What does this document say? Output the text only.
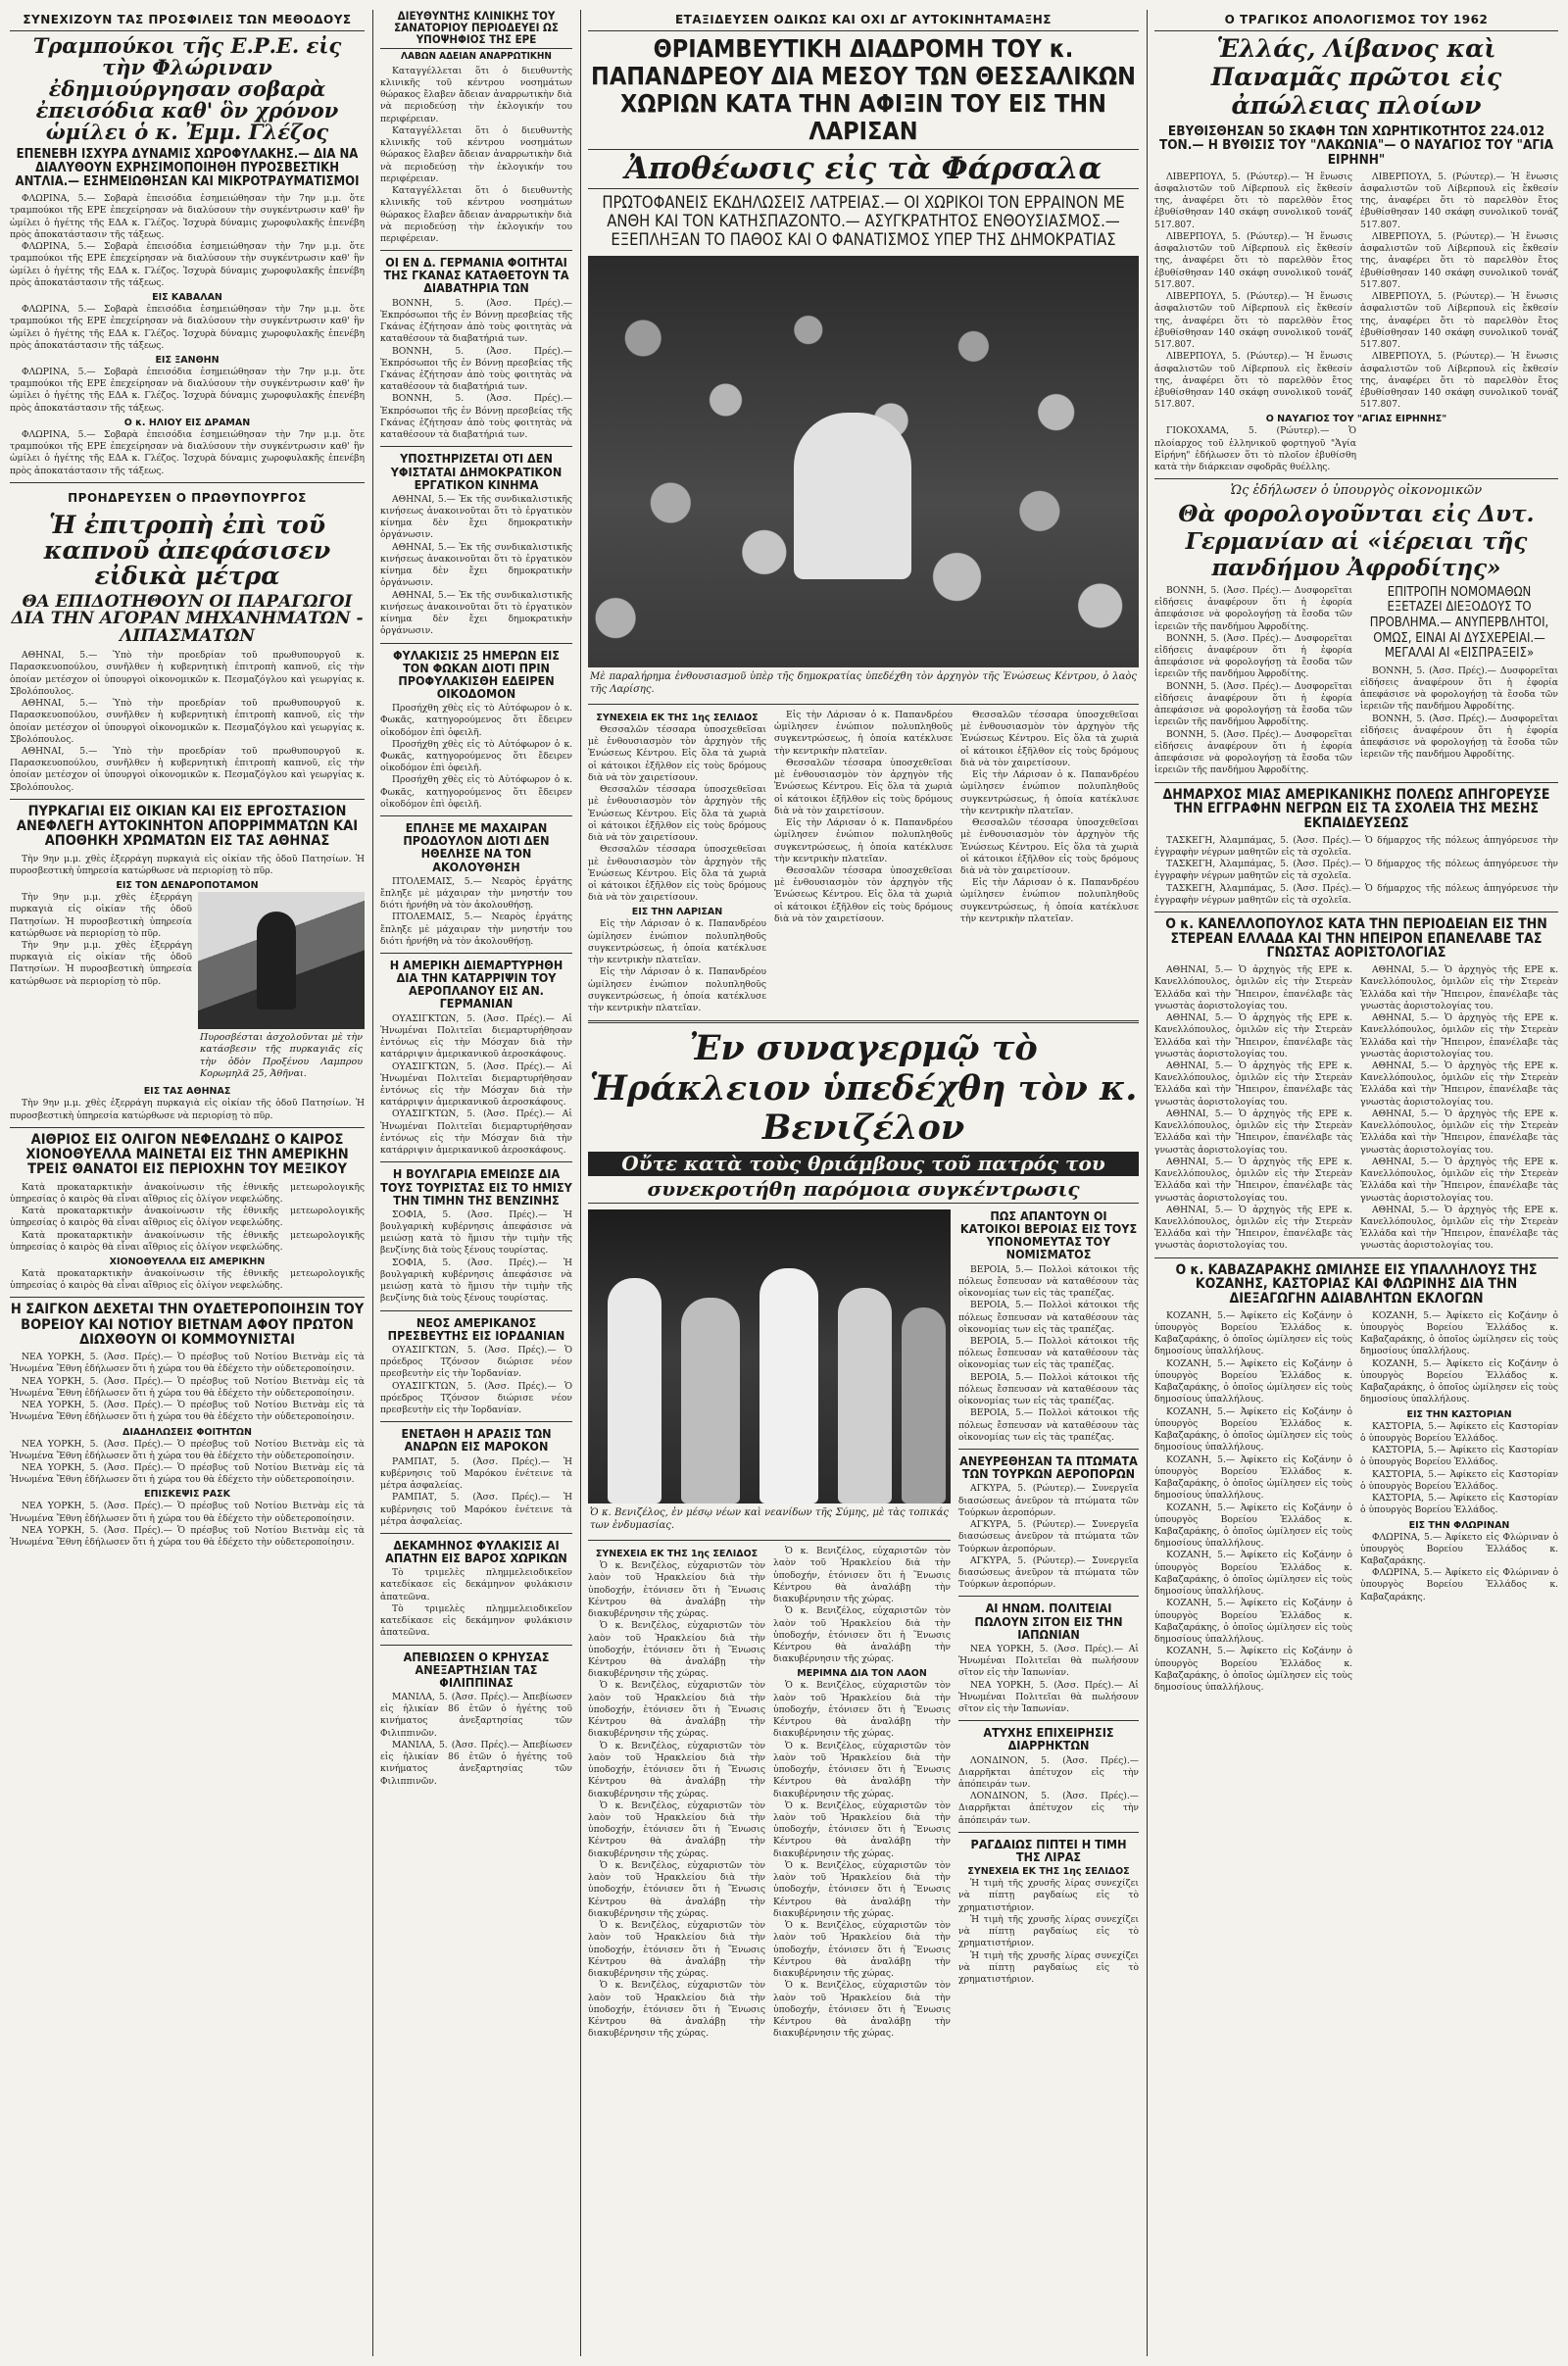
ΣΥΝΕΧΙΖΟΥΝ ΤΑΣ ΠΡΟΣΦΙΛΕΙΣ ΤΩΝ ΜΕΘΟΔΟΥΣ
Τραμπούκοι τῆς Ε.Ρ.Ε. εἰς τὴν Φλώριναν ἐδημιούργησαν σοβαρὰ ἐπεισόδια καθ' ὃν χρόνον ὡμίλει ὁ κ. Ἐμμ. Γλέζος
ΕΠΕΝΕΒΗ ΙΣΧΥΡΑ ΔΥΝΑΜΙΣ ΧΩΡΟΦΥΛΑΚΗΣ.— ΔΙΑ ΝΑ ΔΙΑΛΥΘΟΥΝ ΕΧΡΗΣΙΜΟΠΟΙΗΘΗ ΠΥΡΟΣΒΕΣΤΙΚΗ ΑΝΤΛΙΑ.— ΕΣΗΜΕΙΩΘΗΣΑΝ ΚΑΙ ΜΙΚΡΟΤΡΑΥΜΑΤΙΣΜΟΙ

ΦΛΩΡΙΝΑ, 5.— Σοβαρὰ ἐπεισόδια ἐσημειώθησαν τὴν 7ην μ.μ. ὅτε τραμπούκοι τῆς ΕΡΕ ἐπεχείρησαν νὰ διαλύσουν τὴν συγκέντρωσιν καθ' ἣν ὡμίλει ὁ ἡγέτης τῆς ΕΔΑ κ. Γλέζος. Ἰσχυρὰ δύναμις χωροφυλακῆς ἐπενέβη πρὸς ἀποκατάστασιν τῆς τάξεως.

ΦΛΩΡΙΝΑ, 5.— Σοβαρὰ ἐπεισόδια ἐσημειώθησαν τὴν 7ην μ.μ. ὅτε τραμπούκοι τῆς ΕΡΕ ἐπεχείρησαν νὰ διαλύσουν τὴν συγκέντρωσιν καθ' ἣν ὡμίλει ὁ ἡγέτης τῆς ΕΔΑ κ. Γλέζος. Ἰσχυρὰ δύναμις χωροφυλακῆς ἐπενέβη πρὸς ἀποκατάστασιν τῆς τάξεως.

ΕΙΣ ΚΑΒΑΛΑΝ

ΦΛΩΡΙΝΑ, 5.— Σοβαρὰ ἐπεισόδια ἐσημειώθησαν τὴν 7ην μ.μ. ὅτε τραμπούκοι τῆς ΕΡΕ ἐπεχείρησαν νὰ διαλύσουν τὴν συγκέντρωσιν καθ' ἣν ὡμίλει ὁ ἡγέτης τῆς ΕΔΑ κ. Γλέζος. Ἰσχυρὰ δύναμις χωροφυλακῆς ἐπενέβη πρὸς ἀποκατάστασιν τῆς τάξεως.

ΕΙΣ ΞΑΝΘΗΝ

ΦΛΩΡΙΝΑ, 5.— Σοβαρὰ ἐπεισόδια ἐσημειώθησαν τὴν 7ην μ.μ. ὅτε τραμπούκοι τῆς ΕΡΕ ἐπεχείρησαν νὰ διαλύσουν τὴν συγκέντρωσιν καθ' ἣν ὡμίλει ὁ ἡγέτης τῆς ΕΔΑ κ. Γλέζος. Ἰσχυρὰ δύναμις χωροφυλακῆς ἐπενέβη πρὸς ἀποκατάστασιν τῆς τάξεως.

Ο κ. ΗΛΙΟΥ ΕΙΣ ΔΡΑΜΑΝ

ΦΛΩΡΙΝΑ, 5.— Σοβαρὰ ἐπεισόδια ἐσημειώθησαν τὴν 7ην μ.μ. ὅτε τραμπούκοι τῆς ΕΡΕ ἐπεχείρησαν νὰ διαλύσουν τὴν συγκέντρωσιν καθ' ἣν ὡμίλει ὁ ἡγέτης τῆς ΕΔΑ κ. Γλέζος. Ἰσχυρὰ δύναμις χωροφυλακῆς ἐπενέβη πρὸς ἀποκατάστασιν τῆς τάξεως.

ΠΡΟΗΔΡΕΥΣΕΝ Ο ΠΡΩΘΥΠΟΥΡΓΟΣ
Ἡ ἐπιτροπὴ ἐπὶ τοῦ καπνοῦ ἀπεφάσισεν εἰδικὰ μέτρα
ΘΑ ΕΠΙΔΟΤΗΘΟΥΝ ΟΙ ΠΑΡΑΓΩΓΟΙ ΔΙΑ ΤΗΝ ΑΓΟΡΑΝ ΜΗΧΑΝΗΜΑΤΩΝ - ΛΙΠΑΣΜΑΤΩΝ

ΑΘΗΝΑΙ, 5.— Ὑπὸ τὴν προεδρίαν τοῦ πρωθυπουργοῦ κ. Παρασκευοπούλου, συνῆλθεν ἡ κυβερνητικὴ ἐπιτροπὴ καπνοῦ, εἰς τὴν ὁποίαν μετέσχον οἱ ὑπουργοὶ οἰκονομικῶν κ. Πεσμαζόγλου καὶ γεωργίας κ. Σβολόπουλος.

ΑΘΗΝΑΙ, 5.— Ὑπὸ τὴν προεδρίαν τοῦ πρωθυπουργοῦ κ. Παρασκευοπούλου, συνῆλθεν ἡ κυβερνητικὴ ἐπιτροπὴ καπνοῦ, εἰς τὴν ὁποίαν μετέσχον οἱ ὑπουργοὶ οἰκονομικῶν κ. Πεσμαζόγλου καὶ γεωργίας κ. Σβολόπουλος.

ΑΘΗΝΑΙ, 5.— Ὑπὸ τὴν προεδρίαν τοῦ πρωθυπουργοῦ κ. Παρασκευοπούλου, συνῆλθεν ἡ κυβερνητικὴ ἐπιτροπὴ καπνοῦ, εἰς τὴν ὁποίαν μετέσχον οἱ ὑπουργοὶ οἰκονομικῶν κ. Πεσμαζόγλου καὶ γεωργίας κ. Σβολόπουλος.

ΠΥΡΚΑΓΙΑΙ ΕΙΣ ΟΙΚΙΑΝ ΚΑΙ ΕΙΣ ΕΡΓΟΣΤΑΣΙΟΝ ΑΝΕΦΛΕΓΗ ΑΥΤΟΚΙΝΗΤΟΝ ΑΠΟΡΡΙΜΜΑΤΩΝ ΚΑΙ ΑΠΟΘΗΚΗ ΧΡΩΜΑΤΩΝ ΕΙΣ ΤΑΣ ΑΘΗΝΑΣ

Τὴν 9ην μ.μ. χθὲς ἐξερράγη πυρκαγιὰ εἰς οἰκίαν τῆς ὁδοῦ Πατησίων. Ἡ πυροσβεστικὴ ὑπηρεσία κατώρθωσε νὰ περιορίσῃ τὸ πῦρ.

ΕΙΣ ΤΟΝ ΔΕΝΔΡΟΠΟΤΑΜΟΝ

Τὴν 9ην μ.μ. χθὲς ἐξερράγη πυρκαγιὰ εἰς οἰκίαν τῆς ὁδοῦ Πατησίων. Ἡ πυροσβεστικὴ ὑπηρεσία κατώρθωσε νὰ περιορίσῃ τὸ πῦρ.

Τὴν 9ην μ.μ. χθὲς ἐξερράγη πυρκαγιὰ εἰς οἰκίαν τῆς ὁδοῦ Πατησίων. Ἡ πυροσβεστικὴ ὑπηρεσία κατώρθωσε νὰ περιορίσῃ τὸ πῦρ.

Πυροσβέσται ἀσχολοῦνται μὲ τὴν κατάσβεσιν τῆς πυρκαγιᾶς εἰς τὴν ὁδὸν Προξένου Λαμπρου Κορωμηλᾶ 25, Ἀθῆναι.
ΕΙΣ ΤΑΣ ΑΘΗΝΑΣ

Τὴν 9ην μ.μ. χθὲς ἐξερράγη πυρκαγιὰ εἰς οἰκίαν τῆς ὁδοῦ Πατησίων. Ἡ πυροσβεστικὴ ὑπηρεσία κατώρθωσε νὰ περιορίσῃ τὸ πῦρ.

ΑΙΘΡΙΟΣ ΕΙΣ ΟΛΙΓΟΝ ΝΕΦΕΛΩΔΗΣ Ο ΚΑΙΡΟΣ ΧΙΟΝΟΘΥΕΛΛΑ ΜΑΙΝΕΤΑΙ ΕΙΣ ΤΗΝ ΑΜΕΡΙΚΗΝ ΤΡΕΙΣ ΘΑΝΑΤΟΙ ΕΙΣ ΠΕΡΙΟΧΗΝ ΤΟΥ ΜΕΞΙΚΟΥ

Κατὰ προκαταρκτικὴν ἀνακοίνωσιν τῆς ἐθνικῆς μετεωρολογικῆς ὑπηρεσίας ὁ καιρὸς θὰ εἶναι αἴθριος εἰς ὀλίγον νεφελώδης.

Κατὰ προκαταρκτικὴν ἀνακοίνωσιν τῆς ἐθνικῆς μετεωρολογικῆς ὑπηρεσίας ὁ καιρὸς θὰ εἶναι αἴθριος εἰς ὀλίγον νεφελώδης.

Κατὰ προκαταρκτικὴν ἀνακοίνωσιν τῆς ἐθνικῆς μετεωρολογικῆς ὑπηρεσίας ὁ καιρὸς θὰ εἶναι αἴθριος εἰς ὀλίγον νεφελώδης.

ΧΙΟΝΟΘΥΕΛΛΑ ΕΙΣ ΑΜΕΡΙΚΗΝ

Κατὰ προκαταρκτικὴν ἀνακοίνωσιν τῆς ἐθνικῆς μετεωρολογικῆς ὑπηρεσίας ὁ καιρὸς θὰ εἶναι αἴθριος εἰς ὀλίγον νεφελώδης.

Η ΣΑΙΓΚΟΝ ΔΕΧΕΤΑΙ ΤΗΝ ΟΥΔΕΤΕΡΟΠΟΙΗΣΙΝ ΤΟΥ ΒΟΡΕΙΟΥ ΚΑΙ ΝΟΤΙΟΥ ΒΙΕΤΝΑΜ ΑΦΟΥ ΠΡΩΤΟΝ ΔΙΩΧΘΟΥΝ ΟΙ ΚΟΜΜΟΥΝΙΣΤΑΙ

ΝΕΑ ΥΟΡΚΗ, 5. (Ἀσσ. Πρές).— Ὁ πρέσβυς τοῦ Νοτίου Βιετνὰμ εἰς τὰ Ἡνωμένα Ἔθνη ἐδήλωσεν ὅτι ἡ χώρα του θὰ ἐδέχετο τὴν οὐδετεροποίησιν.

ΝΕΑ ΥΟΡΚΗ, 5. (Ἀσσ. Πρές).— Ὁ πρέσβυς τοῦ Νοτίου Βιετνὰμ εἰς τὰ Ἡνωμένα Ἔθνη ἐδήλωσεν ὅτι ἡ χώρα του θὰ ἐδέχετο τὴν οὐδετεροποίησιν.

ΝΕΑ ΥΟΡΚΗ, 5. (Ἀσσ. Πρές).— Ὁ πρέσβυς τοῦ Νοτίου Βιετνὰμ εἰς τὰ Ἡνωμένα Ἔθνη ἐδήλωσεν ὅτι ἡ χώρα του θὰ ἐδέχετο τὴν οὐδετεροποίησιν.

ΔΙΑΔΗΛΩΣΕΙΣ ΦΟΙΤΗΤΩΝ

ΝΕΑ ΥΟΡΚΗ, 5. (Ἀσσ. Πρές).— Ὁ πρέσβυς τοῦ Νοτίου Βιετνὰμ εἰς τὰ Ἡνωμένα Ἔθνη ἐδήλωσεν ὅτι ἡ χώρα του θὰ ἐδέχετο τὴν οὐδετεροποίησιν.

ΝΕΑ ΥΟΡΚΗ, 5. (Ἀσσ. Πρές).— Ὁ πρέσβυς τοῦ Νοτίου Βιετνὰμ εἰς τὰ Ἡνωμένα Ἔθνη ἐδήλωσεν ὅτι ἡ χώρα του θὰ ἐδέχετο τὴν οὐδετεροποίησιν.

ΕΠΙΣΚΕΨΙΣ ΡΑΣΚ

ΝΕΑ ΥΟΡΚΗ, 5. (Ἀσσ. Πρές).— Ὁ πρέσβυς τοῦ Νοτίου Βιετνὰμ εἰς τὰ Ἡνωμένα Ἔθνη ἐδήλωσεν ὅτι ἡ χώρα του θὰ ἐδέχετο τὴν οὐδετεροποίησιν.

ΝΕΑ ΥΟΡΚΗ, 5. (Ἀσσ. Πρές).— Ὁ πρέσβυς τοῦ Νοτίου Βιετνὰμ εἰς τὰ Ἡνωμένα Ἔθνη ἐδήλωσεν ὅτι ἡ χώρα του θὰ ἐδέχετο τὴν οὐδετεροποίησιν.

ΔΙΕΥΘΥΝΤΗΣ ΚΛΙΝΙΚΗΣ ΤΟΥ ΣΑΝΑΤΟΡΙΟΥ ΠΕΡΙΟΔΕΥΕΙ ΩΣ ΥΠΟΨΗΦΙΟΣ ΤΗΣ ΕΡΕ
ΛΑΒΩΝ ΑΔΕΙΑΝ ΑΝΑΡΡΩΤΙΚΗΝ

Καταγγέλλεται ὅτι ὁ διευθυντὴς κλινικῆς τοῦ κέντρου νοσημάτων θώρακος ἔλαβεν ἄδειαν ἀναρρωτικὴν διὰ νὰ περιοδεύσῃ τὴν ἐκλογικήν του περιφέρειαν.

Καταγγέλλεται ὅτι ὁ διευθυντὴς κλινικῆς τοῦ κέντρου νοσημάτων θώρακος ἔλαβεν ἄδειαν ἀναρρωτικὴν διὰ νὰ περιοδεύσῃ τὴν ἐκλογικήν του περιφέρειαν.

Καταγγέλλεται ὅτι ὁ διευθυντὴς κλινικῆς τοῦ κέντρου νοσημάτων θώρακος ἔλαβεν ἄδειαν ἀναρρωτικὴν διὰ νὰ περιοδεύσῃ τὴν ἐκλογικήν του περιφέρειαν.

ΟΙ ΕΝ Δ. ΓΕΡΜΑΝΙΑ ΦΟΙΤΗΤΑΙ ΤΗΣ ΓΚΑΝΑΣ ΚΑΤΑΘΕΤΟΥΝ ΤΑ ΔΙΑΒΑΤΗΡΙΑ ΤΩΝ

ΒΟΝΝΗ, 5. (Ἀσσ. Πρές).— Ἐκπρόσωποι τῆς ἐν Βόννῃ πρεσβείας τῆς Γκάνας ἐζήτησαν ἀπὸ τοὺς φοιτητὰς νὰ καταθέσουν τὰ διαβατήριά των.

ΒΟΝΝΗ, 5. (Ἀσσ. Πρές).— Ἐκπρόσωποι τῆς ἐν Βόννῃ πρεσβείας τῆς Γκάνας ἐζήτησαν ἀπὸ τοὺς φοιτητὰς νὰ καταθέσουν τὰ διαβατήριά των.

ΒΟΝΝΗ, 5. (Ἀσσ. Πρές).— Ἐκπρόσωποι τῆς ἐν Βόννῃ πρεσβείας τῆς Γκάνας ἐζήτησαν ἀπὸ τοὺς φοιτητὰς νὰ καταθέσουν τὰ διαβατήριά των.

ΥΠΟΣΤΗΡΙΖΕΤΑΙ ΟΤΙ ΔΕΝ ΥΦΙΣΤΑΤΑΙ ΔΗΜΟΚΡΑΤΙΚΟΝ ΕΡΓΑΤΙΚΟΝ ΚΙΝΗΜΑ

ΑΘΗΝΑΙ, 5.— Ἐκ τῆς συνδικαλιστικῆς κινήσεως ἀνακοινοῦται ὅτι τὸ ἐργατικὸν κίνημα δὲν ἔχει δημοκρατικὴν ὀργάνωσιν.

ΑΘΗΝΑΙ, 5.— Ἐκ τῆς συνδικαλιστικῆς κινήσεως ἀνακοινοῦται ὅτι τὸ ἐργατικὸν κίνημα δὲν ἔχει δημοκρατικὴν ὀργάνωσιν.

ΑΘΗΝΑΙ, 5.— Ἐκ τῆς συνδικαλιστικῆς κινήσεως ἀνακοινοῦται ὅτι τὸ ἐργατικὸν κίνημα δὲν ἔχει δημοκρατικὴν ὀργάνωσιν.

ΦΥΛΑΚΙΣΙΣ 25 ΗΜΕΡΩΝ ΕΙΣ ΤΟΝ ΦΩΚΑΝ ΔΙΟΤΙ ΠΡΙΝ ΠΡΟΦΥΛΑΚΙΣΘΗ ΕΔΕΙΡΕΝ ΟΙΚΟΔΟΜΟΝ

Προσήχθη χθὲς εἰς τὸ Αὐτόφωρον ὁ κ. Φωκᾶς, κατηγορούμενος ὅτι ἔδειρεν οἰκοδόμον ἐπὶ ὀφειλῆ.

Προσήχθη χθὲς εἰς τὸ Αὐτόφωρον ὁ κ. Φωκᾶς, κατηγορούμενος ὅτι ἔδειρεν οἰκοδόμον ἐπὶ ὀφειλῆ.

Προσήχθη χθὲς εἰς τὸ Αὐτόφωρον ὁ κ. Φωκᾶς, κατηγορούμενος ὅτι ἔδειρεν οἰκοδόμον ἐπὶ ὀφειλῆ.

ΕΠΛΗΞΕ ΜΕ ΜΑΧΑΙΡΑΝ ΠΡΟΔΟΥΛΟΝ ΔΙΟΤΙ ΔΕΝ ΗΘΕΛΗΣΕ ΝΑ ΤΟΝ ΑΚΟΛΟΥΘΗΣΗ

ΠΤΟΛΕΜΑΙΣ, 5.— Νεαρὸς ἐργάτης ἔπληξε μὲ μάχαιραν τὴν μνηστήν του διότι ἠρνήθη νὰ τὸν ἀκολουθήσῃ.

ΠΤΟΛΕΜΑΙΣ, 5.— Νεαρὸς ἐργάτης ἔπληξε μὲ μάχαιραν τὴν μνηστήν του διότι ἠρνήθη νὰ τὸν ἀκολουθήσῃ.

Η ΑΜΕΡΙΚΗ ΔΙΕΜΑΡΤΥΡΗΘΗ ΔΙΑ ΤΗΝ ΚΑΤΑΡΡΙΨΙΝ ΤΟΥ ΑΕΡΟΠΛΑΝΟΥ ΕΙΣ ΑΝ. ΓΕΡΜΑΝΙΑΝ

ΟΥΑΣΙΓΚΤΩΝ, 5. (Ἀσσ. Πρές).— Αἱ Ἡνωμέναι Πολιτεῖαι διεμαρτυρήθησαν ἐντόνως εἰς τὴν Μόσχαν διὰ τὴν κατάρριψιν ἀμερικανικοῦ ἀεροσκάφους.

ΟΥΑΣΙΓΚΤΩΝ, 5. (Ἀσσ. Πρές).— Αἱ Ἡνωμέναι Πολιτεῖαι διεμαρτυρήθησαν ἐντόνως εἰς τὴν Μόσχαν διὰ τὴν κατάρριψιν ἀμερικανικοῦ ἀεροσκάφους.

ΟΥΑΣΙΓΚΤΩΝ, 5. (Ἀσσ. Πρές).— Αἱ Ἡνωμέναι Πολιτεῖαι διεμαρτυρήθησαν ἐντόνως εἰς τὴν Μόσχαν διὰ τὴν κατάρριψιν ἀμερικανικοῦ ἀεροσκάφους.

Η ΒΟΥΛΓΑΡΙΑ ΕΜΕΙΩΣΕ ΔΙΑ ΤΟΥΣ ΤΟΥΡΙΣΤΑΣ ΕΙΣ ΤΟ ΗΜΙΣΥ ΤΗΝ ΤΙΜΗΝ ΤΗΣ ΒΕΝΖΙΝΗΣ

ΣΟΦΙΑ, 5. (Ἀσσ. Πρές).— Ἡ βουλγαρικὴ κυβέρνησις ἀπεφάσισε νὰ μειώσῃ κατὰ τὸ ἥμισυ τὴν τιμὴν τῆς βενζίνης διὰ τοὺς ξένους τουρίστας.

ΣΟΦΙΑ, 5. (Ἀσσ. Πρές).— Ἡ βουλγαρικὴ κυβέρνησις ἀπεφάσισε νὰ μειώσῃ κατὰ τὸ ἥμισυ τὴν τιμὴν τῆς βενζίνης διὰ τοὺς ξένους τουρίστας.

ΝΕΟΣ ΑΜΕΡΙΚΑΝΟΣ ΠΡΕΣΒΕΥΤΗΣ ΕΙΣ ΙΟΡΔΑΝΙΑΝ

ΟΥΑΣΙΓΚΤΩΝ, 5. (Ἀσσ. Πρές).— Ὁ πρόεδρος Τζόνσον διώρισε νέον πρεσβευτὴν εἰς τὴν Ἰορδανίαν.

ΟΥΑΣΙΓΚΤΩΝ, 5. (Ἀσσ. Πρές).— Ὁ πρόεδρος Τζόνσον διώρισε νέον πρεσβευτὴν εἰς τὴν Ἰορδανίαν.

ΕΝΕΤΑΘΗ Η ΑΡΑΣΙΣ ΤΩΝ ΑΝΔΡΩΝ ΕΙΣ ΜΑΡΟΚΟΝ

ΡΑΜΠΑΤ, 5. (Ἀσσ. Πρές).— Ἡ κυβέρνησις τοῦ Μαρόκου ἐνέτεινε τὰ μέτρα ἀσφαλείας.

ΡΑΜΠΑΤ, 5. (Ἀσσ. Πρές).— Ἡ κυβέρνησις τοῦ Μαρόκου ἐνέτεινε τὰ μέτρα ἀσφαλείας.

ΔΕΚΑΜΗΝΟΣ ΦΥΛΑΚΙΣΙΣ ΑΙ ΑΠΑΤΗΝ ΕΙΣ ΒΑΡΟΣ ΧΩΡΙΚΩΝ

Τὸ τριμελὲς πλημμελειοδικεῖον κατεδίκασε εἰς δεκάμηνον φυλάκισιν ἀπατεῶνα.

Τὸ τριμελὲς πλημμελειοδικεῖον κατεδίκασε εἰς δεκάμηνον φυλάκισιν ἀπατεῶνα.

ΑΠΕΒΙΩΣΕΝ Ο ΚΡΗΥΣΑΣ ΑΝΕΞΑΡΤΗΣΙΑΝ ΤΑΣ ΦΙΛΙΠΠΙΝΑΣ

ΜΑΝΙΛΑ, 5. (Ἀσσ. Πρές).— Ἀπεβίωσεν εἰς ἡλικίαν 86 ἐτῶν ὁ ἡγέτης τοῦ κινήματος ἀνεξαρτησίας τῶν Φιλιππινῶν.

ΜΑΝΙΛΑ, 5. (Ἀσσ. Πρές).— Ἀπεβίωσεν εἰς ἡλικίαν 86 ἐτῶν ὁ ἡγέτης τοῦ κινήματος ἀνεξαρτησίας τῶν Φιλιππινῶν.

ΕΤΑΞΙΔΕΥΣΕΝ ΟΔΙΚΩΣ ΚΑΙ ΟΧΙ ΔΓ ΑΥΤΟΚΙΝΗΤΑΜΑΞΗΣ
ΘΡΙΑΜΒΕΥΤΙΚΗ ΔΙΑΔΡΟΜΗ ΤΟΥ κ. ΠΑΠΑΝΔΡΕΟΥ ΔΙΑ ΜΕΣΟΥ ΤΩΝ ΘΕΣΣΑΛΙΚΩΝ ΧΩΡΙΩΝ ΚΑΤΑ ΤΗΝ ΑΦΙΞΙΝ ΤΟΥ ΕΙΣ ΤΗΝ ΛΑΡΙΣΑΝ
Ἀποθέωσις εἰς τὰ Φάρσαλα
ΠΡΩΤΟΦΑΝΕΙΣ ΕΚΔΗΛΩΣΕΙΣ ΛΑΤΡΕΙΑΣ.— ΟΙ ΧΩΡΙΚΟΙ ΤΟΝ ΕΡΡΑΙΝΟΝ ΜΕ ΑΝΘΗ ΚΑΙ ΤΟΝ ΚΑΤΗΣΠΑΖΟΝΤΟ.— ΑΣΥΓΚΡΑΤΗΤΟΣ ΕΝΘΟΥΣΙΑΣΜΟΣ.— ΕΞΕΠΛΗΞΑΝ ΤΟ ΠΑΘΟΣ ΚΑΙ Ο ΦΑΝΑΤΙΣΜΟΣ ΥΠΕΡ ΤΗΣ ΔΗΜΟΚΡΑΤΙΑΣ
Μὲ παραλήρημα ἐνθουσιασμοῦ ὑπὲρ τῆς δημοκρατίας ὑπεδέχθη τὸν ἀρχηγὸν τῆς Ἐνώσεως Κέντρου, ὁ λαὸς τῆς Λαρίσης.
ΣΥΝΕΧΕΙΑ ΕΚ ΤΗΣ 1ης ΣΕΛΙΔΟΣ

Θεσσαλῶν τέσσαρα ὑποσχεθεῖσαι μὲ ἐνθουσιασμὸν τὸν ἀρχηγὸν τῆς Ἑνώσεως Κέντρου. Εἰς ὅλα τὰ χωριὰ οἱ κάτοικοι ἐξῆλθον εἰς τοὺς δρόμους διὰ νὰ τὸν χαιρετίσουν.

Θεσσαλῶν τέσσαρα ὑποσχεθεῖσαι μὲ ἐνθουσιασμὸν τὸν ἀρχηγὸν τῆς Ἑνώσεως Κέντρου. Εἰς ὅλα τὰ χωριὰ οἱ κάτοικοι ἐξῆλθον εἰς τοὺς δρόμους διὰ νὰ τὸν χαιρετίσουν.

Θεσσαλῶν τέσσαρα ὑποσχεθεῖσαι μὲ ἐνθουσιασμὸν τὸν ἀρχηγὸν τῆς Ἑνώσεως Κέντρου. Εἰς ὅλα τὰ χωριὰ οἱ κάτοικοι ἐξῆλθον εἰς τοὺς δρόμους διὰ νὰ τὸν χαιρετίσουν.

ΕΙΣ ΤΗΝ ΛΑΡΙΣΑΝ

Εἰς τὴν Λάρισαν ὁ κ. Παπανδρέου ὡμίλησεν ἐνώπιον πολυπληθοῦς συγκεντρώσεως, ἡ ὁποία κατέκλυσε τὴν κεντρικὴν πλατεῖαν.

Εἰς τὴν Λάρισαν ὁ κ. Παπανδρέου ὡμίλησεν ἐνώπιον πολυπληθοῦς συγκεντρώσεως, ἡ ὁποία κατέκλυσε τὴν κεντρικὴν πλατεῖαν.

Εἰς τὴν Λάρισαν ὁ κ. Παπανδρέου ὡμίλησεν ἐνώπιον πολυπληθοῦς συγκεντρώσεως, ἡ ὁποία κατέκλυσε τὴν κεντρικὴν πλατεῖαν.

Θεσσαλῶν τέσσαρα ὑποσχεθεῖσαι μὲ ἐνθουσιασμὸν τὸν ἀρχηγὸν τῆς Ἑνώσεως Κέντρου. Εἰς ὅλα τὰ χωριὰ οἱ κάτοικοι ἐξῆλθον εἰς τοὺς δρόμους διὰ νὰ τὸν χαιρετίσουν.

Εἰς τὴν Λάρισαν ὁ κ. Παπανδρέου ὡμίλησεν ἐνώπιον πολυπληθοῦς συγκεντρώσεως, ἡ ὁποία κατέκλυσε τὴν κεντρικὴν πλατεῖαν.

Θεσσαλῶν τέσσαρα ὑποσχεθεῖσαι μὲ ἐνθουσιασμὸν τὸν ἀρχηγὸν τῆς Ἑνώσεως Κέντρου. Εἰς ὅλα τὰ χωριὰ οἱ κάτοικοι ἐξῆλθον εἰς τοὺς δρόμους διὰ νὰ τὸν χαιρετίσουν.

Θεσσαλῶν τέσσαρα ὑποσχεθεῖσαι μὲ ἐνθουσιασμὸν τὸν ἀρχηγὸν τῆς Ἑνώσεως Κέντρου. Εἰς ὅλα τὰ χωριὰ οἱ κάτοικοι ἐξῆλθον εἰς τοὺς δρόμους διὰ νὰ τὸν χαιρετίσουν.

Εἰς τὴν Λάρισαν ὁ κ. Παπανδρέου ὡμίλησεν ἐνώπιον πολυπληθοῦς συγκεντρώσεως, ἡ ὁποία κατέκλυσε τὴν κεντρικὴν πλατεῖαν.

Θεσσαλῶν τέσσαρα ὑποσχεθεῖσαι μὲ ἐνθουσιασμὸν τὸν ἀρχηγὸν τῆς Ἑνώσεως Κέντρου. Εἰς ὅλα τὰ χωριὰ οἱ κάτοικοι ἐξῆλθον εἰς τοὺς δρόμους διὰ νὰ τὸν χαιρετίσουν.

Εἰς τὴν Λάρισαν ὁ κ. Παπανδρέου ὡμίλησεν ἐνώπιον πολυπληθοῦς συγκεντρώσεως, ἡ ὁποία κατέκλυσε τὴν κεντρικὴν πλατεῖαν.

Ἐν συναγερμῷ τὸ Ἡράκλειον ὑπεδέχθη τὸν κ. Βενιζέλον
Οὔτε κατὰ τοὺς θριάμβους τοῦ πατρός του
συνεκροτήθη παρόμοια συγκέντρωσις
Ὁ κ. Βενιζέλος, ἐν μέσῳ νέων καὶ νεανίδων τῆς Σύμης, μὲ τὰς τοπικάς των ἐνδυμασίας.
ΣΥΝΕΧΕΙΑ ΕΚ ΤΗΣ 1ης ΣΕΛΙΔΟΣ

Ὁ κ. Βενιζέλος, εὐχαριστῶν τὸν λαὸν τοῦ Ἡρακλείου διὰ τὴν ὑποδοχήν, ἐτόνισεν ὅτι ἡ Ἕνωσις Κέντρου θὰ ἀναλάβῃ τὴν διακυβέρνησιν τῆς χώρας.

Ὁ κ. Βενιζέλος, εὐχαριστῶν τὸν λαὸν τοῦ Ἡρακλείου διὰ τὴν ὑποδοχήν, ἐτόνισεν ὅτι ἡ Ἕνωσις Κέντρου θὰ ἀναλάβῃ τὴν διακυβέρνησιν τῆς χώρας.

Ὁ κ. Βενιζέλος, εὐχαριστῶν τὸν λαὸν τοῦ Ἡρακλείου διὰ τὴν ὑποδοχήν, ἐτόνισεν ὅτι ἡ Ἕνωσις Κέντρου θὰ ἀναλάβῃ τὴν διακυβέρνησιν τῆς χώρας.

Ὁ κ. Βενιζέλος, εὐχαριστῶν τὸν λαὸν τοῦ Ἡρακλείου διὰ τὴν ὑποδοχήν, ἐτόνισεν ὅτι ἡ Ἕνωσις Κέντρου θὰ ἀναλάβῃ τὴν διακυβέρνησιν τῆς χώρας.

Ὁ κ. Βενιζέλος, εὐχαριστῶν τὸν λαὸν τοῦ Ἡρακλείου διὰ τὴν ὑποδοχήν, ἐτόνισεν ὅτι ἡ Ἕνωσις Κέντρου θὰ ἀναλάβῃ τὴν διακυβέρνησιν τῆς χώρας.

Ὁ κ. Βενιζέλος, εὐχαριστῶν τὸν λαὸν τοῦ Ἡρακλείου διὰ τὴν ὑποδοχήν, ἐτόνισεν ὅτι ἡ Ἕνωσις Κέντρου θὰ ἀναλάβῃ τὴν διακυβέρνησιν τῆς χώρας.

Ὁ κ. Βενιζέλος, εὐχαριστῶν τὸν λαὸν τοῦ Ἡρακλείου διὰ τὴν ὑποδοχήν, ἐτόνισεν ὅτι ἡ Ἕνωσις Κέντρου θὰ ἀναλάβῃ τὴν διακυβέρνησιν τῆς χώρας.

Ὁ κ. Βενιζέλος, εὐχαριστῶν τὸν λαὸν τοῦ Ἡρακλείου διὰ τὴν ὑποδοχήν, ἐτόνισεν ὅτι ἡ Ἕνωσις Κέντρου θὰ ἀναλάβῃ τὴν διακυβέρνησιν τῆς χώρας.

Ὁ κ. Βενιζέλος, εὐχαριστῶν τὸν λαὸν τοῦ Ἡρακλείου διὰ τὴν ὑποδοχήν, ἐτόνισεν ὅτι ἡ Ἕνωσις Κέντρου θὰ ἀναλάβῃ τὴν διακυβέρνησιν τῆς χώρας.

Ὁ κ. Βενιζέλος, εὐχαριστῶν τὸν λαὸν τοῦ Ἡρακλείου διὰ τὴν ὑποδοχήν, ἐτόνισεν ὅτι ἡ Ἕνωσις Κέντρου θὰ ἀναλάβῃ τὴν διακυβέρνησιν τῆς χώρας.

ΜΕΡΙΜΝΑ ΔΙΑ ΤΟΝ ΛΑΟΝ

Ὁ κ. Βενιζέλος, εὐχαριστῶν τὸν λαὸν τοῦ Ἡρακλείου διὰ τὴν ὑποδοχήν, ἐτόνισεν ὅτι ἡ Ἕνωσις Κέντρου θὰ ἀναλάβῃ τὴν διακυβέρνησιν τῆς χώρας.

Ὁ κ. Βενιζέλος, εὐχαριστῶν τὸν λαὸν τοῦ Ἡρακλείου διὰ τὴν ὑποδοχήν, ἐτόνισεν ὅτι ἡ Ἕνωσις Κέντρου θὰ ἀναλάβῃ τὴν διακυβέρνησιν τῆς χώρας.

Ὁ κ. Βενιζέλος, εὐχαριστῶν τὸν λαὸν τοῦ Ἡρακλείου διὰ τὴν ὑποδοχήν, ἐτόνισεν ὅτι ἡ Ἕνωσις Κέντρου θὰ ἀναλάβῃ τὴν διακυβέρνησιν τῆς χώρας.

Ὁ κ. Βενιζέλος, εὐχαριστῶν τὸν λαὸν τοῦ Ἡρακλείου διὰ τὴν ὑποδοχήν, ἐτόνισεν ὅτι ἡ Ἕνωσις Κέντρου θὰ ἀναλάβῃ τὴν διακυβέρνησιν τῆς χώρας.

Ὁ κ. Βενιζέλος, εὐχαριστῶν τὸν λαὸν τοῦ Ἡρακλείου διὰ τὴν ὑποδοχήν, ἐτόνισεν ὅτι ἡ Ἕνωσις Κέντρου θὰ ἀναλάβῃ τὴν διακυβέρνησιν τῆς χώρας.

Ὁ κ. Βενιζέλος, εὐχαριστῶν τὸν λαὸν τοῦ Ἡρακλείου διὰ τὴν ὑποδοχήν, ἐτόνισεν ὅτι ἡ Ἕνωσις Κέντρου θὰ ἀναλάβῃ τὴν διακυβέρνησιν τῆς χώρας.

ΠΩΣ ΑΠΑΝΤΟΥΝ ΟΙ ΚΑΤΟΙΚΟΙ ΒΕΡΟΙΑΣ ΕΙΣ ΤΟΥΣ ΥΠΟΝΟΜΕΥΤΑΣ ΤΟΥ ΝΟΜΙΣΜΑΤΟΣ

ΒΕΡΟΙΑ, 5.— Πολλοὶ κάτοικοι τῆς πόλεως ἔσπευσαν νὰ καταθέσουν τὰς οἰκονομίας των εἰς τὰς τραπέζας.

ΒΕΡΟΙΑ, 5.— Πολλοὶ κάτοικοι τῆς πόλεως ἔσπευσαν νὰ καταθέσουν τὰς οἰκονομίας των εἰς τὰς τραπέζας.

ΒΕΡΟΙΑ, 5.— Πολλοὶ κάτοικοι τῆς πόλεως ἔσπευσαν νὰ καταθέσουν τὰς οἰκονομίας των εἰς τὰς τραπέζας.

ΒΕΡΟΙΑ, 5.— Πολλοὶ κάτοικοι τῆς πόλεως ἔσπευσαν νὰ καταθέσουν τὰς οἰκονομίας των εἰς τὰς τραπέζας.

ΒΕΡΟΙΑ, 5.— Πολλοὶ κάτοικοι τῆς πόλεως ἔσπευσαν νὰ καταθέσουν τὰς οἰκονομίας των εἰς τὰς τραπέζας.

ΑΝΕΥΡΕΘΗΣΑΝ ΤΑ ΠΤΩΜΑΤΑ ΤΩΝ ΤΟΥΡΚΩΝ ΑΕΡΟΠΟΡΩΝ

ΑΓΚΥΡΑ, 5. (Ρώυτερ).— Συνεργεῖα διασώσεως ἀνεῦρον τὰ πτώματα τῶν Τούρκων ἀεροπόρων.

ΑΓΚΥΡΑ, 5. (Ρώυτερ).— Συνεργεῖα διασώσεως ἀνεῦρον τὰ πτώματα τῶν Τούρκων ἀεροπόρων.

ΑΓΚΥΡΑ, 5. (Ρώυτερ).— Συνεργεῖα διασώσεως ἀνεῦρον τὰ πτώματα τῶν Τούρκων ἀεροπόρων.

ΑΙ ΗΝΩΜ. ΠΟΛΙΤΕΙΑΙ ΠΩΛΟΥΝ ΣΙΤΟΝ ΕΙΣ ΤΗΝ ΙΑΠΩΝΙΑΝ

ΝΕΑ ΥΟΡΚΗ, 5. (Ἀσσ. Πρές).— Αἱ Ἡνωμέναι Πολιτεῖαι θὰ πωλήσουν σῖτον εἰς τὴν Ἰαπωνίαν.

ΝΕΑ ΥΟΡΚΗ, 5. (Ἀσσ. Πρές).— Αἱ Ἡνωμέναι Πολιτεῖαι θὰ πωλήσουν σῖτον εἰς τὴν Ἰαπωνίαν.

ΑΤΥΧΗΣ ΕΠΙΧΕΙΡΗΣΙΣ ΔΙΑΡΡΗΚΤΩΝ

ΛΟΝΔΙΝΟΝ, 5. (Ἀσσ. Πρές).— Διαρρῆκται ἀπέτυχον εἰς τὴν ἀπόπειράν των.

ΛΟΝΔΙΝΟΝ, 5. (Ἀσσ. Πρές).— Διαρρῆκται ἀπέτυχον εἰς τὴν ἀπόπειράν των.

ΡΑΓΔΑΙΩΣ ΠΙΠΤΕΙ Η ΤΙΜΗ ΤΗΣ ΛΙΡΑΣ
ΣΥΝΕΧΕΙΑ ΕΚ ΤΗΣ 1ης ΣΕΛΙΔΟΣ

Ἡ τιμὴ τῆς χρυσῆς λίρας συνεχίζει νὰ πίπτῃ ραγδαίως εἰς τὸ χρηματιστήριον.

Ἡ τιμὴ τῆς χρυσῆς λίρας συνεχίζει νὰ πίπτῃ ραγδαίως εἰς τὸ χρηματιστήριον.

Ἡ τιμὴ τῆς χρυσῆς λίρας συνεχίζει νὰ πίπτῃ ραγδαίως εἰς τὸ χρηματιστήριον.

Ο ΤΡΑΓΙΚΟΣ ΑΠΟΛΟΓΙΣΜΟΣ ΤΟΥ 1962
Ἑλλάς, Λίβανος καὶ Παναμᾶς πρῶτοι εἰς ἀπώλειας πλοίων
ΕΒΥΘΙΣΘΗΣΑΝ 50 ΣΚΑΦΗ ΤΩΝ ΧΩΡΗΤΙΚΟΤΗΤΟΣ 224.012 ΤΟΝ.— Η ΒΥΘΙΣΙΣ ΤΟΥ "ΛΑΚΩΝΙΑ"— Ο ΝΑΥΑΓΙΟΣ ΤΟΥ "ΑΓΙΑ ΕΙΡΗΝΗ"

ΛΙΒΕΡΠΟΥΛ, 5. (Ρώυτερ).— Ἡ ἕνωσις ἀσφαλιστῶν τοῦ Λίβερπουλ εἰς ἔκθεσίν της, ἀναφέρει ὅτι τὸ παρελθὸν ἔτος ἐβυθίσθησαν 140 σκάφη συνολικοῦ τονάζ 517.807.

ΛΙΒΕΡΠΟΥΛ, 5. (Ρώυτερ).— Ἡ ἕνωσις ἀσφαλιστῶν τοῦ Λίβερπουλ εἰς ἔκθεσίν της, ἀναφέρει ὅτι τὸ παρελθὸν ἔτος ἐβυθίσθησαν 140 σκάφη συνολικοῦ τονάζ 517.807.

ΛΙΒΕΡΠΟΥΛ, 5. (Ρώυτερ).— Ἡ ἕνωσις ἀσφαλιστῶν τοῦ Λίβερπουλ εἰς ἔκθεσίν της, ἀναφέρει ὅτι τὸ παρελθὸν ἔτος ἐβυθίσθησαν 140 σκάφη συνολικοῦ τονάζ 517.807.

ΛΙΒΕΡΠΟΥΛ, 5. (Ρώυτερ).— Ἡ ἕνωσις ἀσφαλιστῶν τοῦ Λίβερπουλ εἰς ἔκθεσίν της, ἀναφέρει ὅτι τὸ παρελθὸν ἔτος ἐβυθίσθησαν 140 σκάφη συνολικοῦ τονάζ 517.807.

ΛΙΒΕΡΠΟΥΛ, 5. (Ρώυτερ).— Ἡ ἕνωσις ἀσφαλιστῶν τοῦ Λίβερπουλ εἰς ἔκθεσίν της, ἀναφέρει ὅτι τὸ παρελθὸν ἔτος ἐβυθίσθησαν 140 σκάφη συνολικοῦ τονάζ 517.807.

ΛΙΒΕΡΠΟΥΛ, 5. (Ρώυτερ).— Ἡ ἕνωσις ἀσφαλιστῶν τοῦ Λίβερπουλ εἰς ἔκθεσίν της, ἀναφέρει ὅτι τὸ παρελθὸν ἔτος ἐβυθίσθησαν 140 σκάφη συνολικοῦ τονάζ 517.807.

ΛΙΒΕΡΠΟΥΛ, 5. (Ρώυτερ).— Ἡ ἕνωσις ἀσφαλιστῶν τοῦ Λίβερπουλ εἰς ἔκθεσίν της, ἀναφέρει ὅτι τὸ παρελθὸν ἔτος ἐβυθίσθησαν 140 σκάφη συνολικοῦ τονάζ 517.807.

ΛΙΒΕΡΠΟΥΛ, 5. (Ρώυτερ).— Ἡ ἕνωσις ἀσφαλιστῶν τοῦ Λίβερπουλ εἰς ἔκθεσίν της, ἀναφέρει ὅτι τὸ παρελθὸν ἔτος ἐβυθίσθησαν 140 σκάφη συνολικοῦ τονάζ 517.807.

Ο ΝΑΥΑΓΙΟΣ ΤΟΥ "ΑΓΙΑΣ ΕΙΡΗΝΗΣ"

ΓΙΟΚΟΧΑΜΑ, 5. (Ρώυτερ).— Ὁ πλοίαρχος τοῦ ἑλληνικοῦ φορτηγοῦ "Ἁγία Εἰρήνη" ἐδήλωσεν ὅτι τὸ πλοῖον ἐβυθίσθη κατὰ τὴν διάρκειαν σφοδρᾶς θυέλλης.

Ὡς ἐδήλωσεν ὁ ὑπουργὸς οἰκονομικῶν
Θὰ φορολογοῦνται εἰς Δυτ. Γερμανίαν αἱ «ἱέρειαι τῆς πανδήμου Ἀφροδίτης»

ΒΟΝΝΗ, 5. (Ἀσσ. Πρές).— Δυσφορεῖται εἰδήσεις ἀναφέρουν ὅτι ἡ ἐφορία ἀπεφάσισε νὰ φορολογήσῃ τὰ ἔσοδα τῶν ἱερειῶν τῆς πανδήμου Ἀφροδίτης.

ΒΟΝΝΗ, 5. (Ἀσσ. Πρές).— Δυσφορεῖται εἰδήσεις ἀναφέρουν ὅτι ἡ ἐφορία ἀπεφάσισε νὰ φορολογήσῃ τὰ ἔσοδα τῶν ἱερειῶν τῆς πανδήμου Ἀφροδίτης.

ΒΟΝΝΗ, 5. (Ἀσσ. Πρές).— Δυσφορεῖται εἰδήσεις ἀναφέρουν ὅτι ἡ ἐφορία ἀπεφάσισε νὰ φορολογήσῃ τὰ ἔσοδα τῶν ἱερειῶν τῆς πανδήμου Ἀφροδίτης.

ΒΟΝΝΗ, 5. (Ἀσσ. Πρές).— Δυσφορεῖται εἰδήσεις ἀναφέρουν ὅτι ἡ ἐφορία ἀπεφάσισε νὰ φορολογήσῃ τὰ ἔσοδα τῶν ἱερειῶν τῆς πανδήμου Ἀφροδίτης.

ΕΠΙΤΡΟΠΗ ΝΟΜΟΜΑΘΩΝ ΕΞΕΤΑΖΕΙ ΔΙΕΞΟΔΟΥΣ ΤΟ ΠΡΟΒΛΗΜΑ.— ΑΝΥΠΕΡΒΛΗΤΟΙ, ΟΜΩΣ, ΕΙΝΑΙ ΑΙ ΔΥΣΧΕΡΕΙΑΙ.— ΜΕΓΑΛΑΙ ΑΙ «ΕΙΣΠΡΑΞΕΙΣ»

ΒΟΝΝΗ, 5. (Ἀσσ. Πρές).— Δυσφορεῖται εἰδήσεις ἀναφέρουν ὅτι ἡ ἐφορία ἀπεφάσισε νὰ φορολογήσῃ τὰ ἔσοδα τῶν ἱερειῶν τῆς πανδήμου Ἀφροδίτης.

ΒΟΝΝΗ, 5. (Ἀσσ. Πρές).— Δυσφορεῖται εἰδήσεις ἀναφέρουν ὅτι ἡ ἐφορία ἀπεφάσισε νὰ φορολογήσῃ τὰ ἔσοδα τῶν ἱερειῶν τῆς πανδήμου Ἀφροδίτης.

ΔΗΜΑΡΧΟΣ ΜΙΑΣ ΑΜΕΡΙΚΑΝΙΚΗΣ ΠΟΛΕΩΣ ΑΠΗΓΟΡΕΥΣΕ ΤΗΝ ΕΓΓΡΑΦΗΝ ΝΕΓΡΩΝ ΕΙΣ ΤΑ ΣΧΟΛΕΙΑ ΤΗΣ ΜΕΣΗΣ ΕΚΠΑΙΔΕΥΣΕΩΣ

ΤΑΣΚΕΓΗ, Ἀλαμπάμας, 5. (Ἀσσ. Πρές).— Ὁ δήμαρχος τῆς πόλεως ἀπηγόρευσε τὴν ἐγγραφὴν νέγρων μαθητῶν εἰς τὰ σχολεῖα.

ΤΑΣΚΕΓΗ, Ἀλαμπάμας, 5. (Ἀσσ. Πρές).— Ὁ δήμαρχος τῆς πόλεως ἀπηγόρευσε τὴν ἐγγραφὴν νέγρων μαθητῶν εἰς τὰ σχολεῖα.

ΤΑΣΚΕΓΗ, Ἀλαμπάμας, 5. (Ἀσσ. Πρές).— Ὁ δήμαρχος τῆς πόλεως ἀπηγόρευσε τὴν ἐγγραφὴν νέγρων μαθητῶν εἰς τὰ σχολεῖα.

Ο κ. ΚΑΝΕΛΛΟΠΟΥΛΟΣ ΚΑΤΑ ΤΗΝ ΠΕΡΙΟΔΕΙΑΝ ΕΙΣ ΤΗΝ ΣΤΕΡΕΑΝ ΕΛΛΑΔΑ ΚΑΙ ΤΗΝ ΗΠΕΙΡΟΝ ΕΠΑΝΕΛΑΒΕ ΤΑΣ ΓΝΩΣΤΑΣ ΑΟΡΙΣΤΟΛΟΓΙΑΣ

ΑΘΗΝΑΙ, 5.— Ὁ ἀρχηγὸς τῆς ΕΡΕ κ. Κανελλόπουλος, ὁμιλῶν εἰς τὴν Στερεὰν Ἑλλάδα καὶ τὴν Ἤπειρον, ἐπανέλαβε τὰς γνωστὰς ἀοριστολογίας του.

ΑΘΗΝΑΙ, 5.— Ὁ ἀρχηγὸς τῆς ΕΡΕ κ. Κανελλόπουλος, ὁμιλῶν εἰς τὴν Στερεὰν Ἑλλάδα καὶ τὴν Ἤπειρον, ἐπανέλαβε τὰς γνωστὰς ἀοριστολογίας του.

ΑΘΗΝΑΙ, 5.— Ὁ ἀρχηγὸς τῆς ΕΡΕ κ. Κανελλόπουλος, ὁμιλῶν εἰς τὴν Στερεὰν Ἑλλάδα καὶ τὴν Ἤπειρον, ἐπανέλαβε τὰς γνωστὰς ἀοριστολογίας του.

ΑΘΗΝΑΙ, 5.— Ὁ ἀρχηγὸς τῆς ΕΡΕ κ. Κανελλόπουλος, ὁμιλῶν εἰς τὴν Στερεὰν Ἑλλάδα καὶ τὴν Ἤπειρον, ἐπανέλαβε τὰς γνωστὰς ἀοριστολογίας του.

ΑΘΗΝΑΙ, 5.— Ὁ ἀρχηγὸς τῆς ΕΡΕ κ. Κανελλόπουλος, ὁμιλῶν εἰς τὴν Στερεὰν Ἑλλάδα καὶ τὴν Ἤπειρον, ἐπανέλαβε τὰς γνωστὰς ἀοριστολογίας του.

ΑΘΗΝΑΙ, 5.— Ὁ ἀρχηγὸς τῆς ΕΡΕ κ. Κανελλόπουλος, ὁμιλῶν εἰς τὴν Στερεὰν Ἑλλάδα καὶ τὴν Ἤπειρον, ἐπανέλαβε τὰς γνωστὰς ἀοριστολογίας του.

ΑΘΗΝΑΙ, 5.— Ὁ ἀρχηγὸς τῆς ΕΡΕ κ. Κανελλόπουλος, ὁμιλῶν εἰς τὴν Στερεὰν Ἑλλάδα καὶ τὴν Ἤπειρον, ἐπανέλαβε τὰς γνωστὰς ἀοριστολογίας του.

ΑΘΗΝΑΙ, 5.— Ὁ ἀρχηγὸς τῆς ΕΡΕ κ. Κανελλόπουλος, ὁμιλῶν εἰς τὴν Στερεὰν Ἑλλάδα καὶ τὴν Ἤπειρον, ἐπανέλαβε τὰς γνωστὰς ἀοριστολογίας του.

ΑΘΗΝΑΙ, 5.— Ὁ ἀρχηγὸς τῆς ΕΡΕ κ. Κανελλόπουλος, ὁμιλῶν εἰς τὴν Στερεὰν Ἑλλάδα καὶ τὴν Ἤπειρον, ἐπανέλαβε τὰς γνωστὰς ἀοριστολογίας του.

ΑΘΗΝΑΙ, 5.— Ὁ ἀρχηγὸς τῆς ΕΡΕ κ. Κανελλόπουλος, ὁμιλῶν εἰς τὴν Στερεὰν Ἑλλάδα καὶ τὴν Ἤπειρον, ἐπανέλαβε τὰς γνωστὰς ἀοριστολογίας του.

ΑΘΗΝΑΙ, 5.— Ὁ ἀρχηγὸς τῆς ΕΡΕ κ. Κανελλόπουλος, ὁμιλῶν εἰς τὴν Στερεὰν Ἑλλάδα καὶ τὴν Ἤπειρον, ἐπανέλαβε τὰς γνωστὰς ἀοριστολογίας του.

ΑΘΗΝΑΙ, 5.— Ὁ ἀρχηγὸς τῆς ΕΡΕ κ. Κανελλόπουλος, ὁμιλῶν εἰς τὴν Στερεὰν Ἑλλάδα καὶ τὴν Ἤπειρον, ἐπανέλαβε τὰς γνωστὰς ἀοριστολογίας του.

Ο κ. ΚΑΒΑΖΑΡΑΚΗΣ ΩΜΙΛΗΣΕ ΕΙΣ ΥΠΑΛΛΗΛΟΥΣ ΤΗΣ ΚΟΖΑΝΗΣ, ΚΑΣΤΟΡΙΑΣ ΚΑΙ ΦΛΩΡΙΝΗΣ ΔΙΑ ΤΗΝ ΔΙΕΞΑΓΩΓΗΝ ΑΔΙΑΒΛΗΤΩΝ ΕΚΛΟΓΩΝ

ΚΟΖΑΝΗ, 5.— Ἀφίκετο εἰς Κοζάνην ὁ ὑπουργὸς Βορείου Ἑλλάδος κ. Καβαζαράκης, ὁ ὁποῖος ὡμίλησεν εἰς τοὺς δημοσίους ὑπαλλήλους.

ΚΟΖΑΝΗ, 5.— Ἀφίκετο εἰς Κοζάνην ὁ ὑπουργὸς Βορείου Ἑλλάδος κ. Καβαζαράκης, ὁ ὁποῖος ὡμίλησεν εἰς τοὺς δημοσίους ὑπαλλήλους.

ΚΟΖΑΝΗ, 5.— Ἀφίκετο εἰς Κοζάνην ὁ ὑπουργὸς Βορείου Ἑλλάδος κ. Καβαζαράκης, ὁ ὁποῖος ὡμίλησεν εἰς τοὺς δημοσίους ὑπαλλήλους.

ΚΟΖΑΝΗ, 5.— Ἀφίκετο εἰς Κοζάνην ὁ ὑπουργὸς Βορείου Ἑλλάδος κ. Καβαζαράκης, ὁ ὁποῖος ὡμίλησεν εἰς τοὺς δημοσίους ὑπαλλήλους.

ΚΟΖΑΝΗ, 5.— Ἀφίκετο εἰς Κοζάνην ὁ ὑπουργὸς Βορείου Ἑλλάδος κ. Καβαζαράκης, ὁ ὁποῖος ὡμίλησεν εἰς τοὺς δημοσίους ὑπαλλήλους.

ΚΟΖΑΝΗ, 5.— Ἀφίκετο εἰς Κοζάνην ὁ ὑπουργὸς Βορείου Ἑλλάδος κ. Καβαζαράκης, ὁ ὁποῖος ὡμίλησεν εἰς τοὺς δημοσίους ὑπαλλήλους.

ΚΟΖΑΝΗ, 5.— Ἀφίκετο εἰς Κοζάνην ὁ ὑπουργὸς Βορείου Ἑλλάδος κ. Καβαζαράκης, ὁ ὁποῖος ὡμίλησεν εἰς τοὺς δημοσίους ὑπαλλήλους.

ΚΟΖΑΝΗ, 5.— Ἀφίκετο εἰς Κοζάνην ὁ ὑπουργὸς Βορείου Ἑλλάδος κ. Καβαζαράκης, ὁ ὁποῖος ὡμίλησεν εἰς τοὺς δημοσίους ὑπαλλήλους.

ΚΟΖΑΝΗ, 5.— Ἀφίκετο εἰς Κοζάνην ὁ ὑπουργὸς Βορείου Ἑλλάδος κ. Καβαζαράκης, ὁ ὁποῖος ὡμίλησεν εἰς τοὺς δημοσίους ὑπαλλήλους.

ΚΟΖΑΝΗ, 5.— Ἀφίκετο εἰς Κοζάνην ὁ ὑπουργὸς Βορείου Ἑλλάδος κ. Καβαζαράκης, ὁ ὁποῖος ὡμίλησεν εἰς τοὺς δημοσίους ὑπαλλήλους.

ΕΙΣ ΤΗΝ ΚΑΣΤΟΡΙΑΝ

ΚΑΣΤΟΡΙΑ, 5.— Ἀφίκετο εἰς Καστορίαν ὁ ὑπουργὸς Βορείου Ἑλλάδος.

ΚΑΣΤΟΡΙΑ, 5.— Ἀφίκετο εἰς Καστορίαν ὁ ὑπουργὸς Βορείου Ἑλλάδος.

ΚΑΣΤΟΡΙΑ, 5.— Ἀφίκετο εἰς Καστορίαν ὁ ὑπουργὸς Βορείου Ἑλλάδος.

ΚΑΣΤΟΡΙΑ, 5.— Ἀφίκετο εἰς Καστορίαν ὁ ὑπουργὸς Βορείου Ἑλλάδος.

ΕΙΣ ΤΗΝ ΦΛΩΡΙΝΑΝ

ΦΛΩΡΙΝΑ, 5.— Ἀφίκετο εἰς Φλώριναν ὁ ὑπουργὸς Βορείου Ἑλλάδος κ. Καβαζαράκης.

ΦΛΩΡΙΝΑ, 5.— Ἀφίκετο εἰς Φλώριναν ὁ ὑπουργὸς Βορείου Ἑλλάδος κ. Καβαζαράκης.
